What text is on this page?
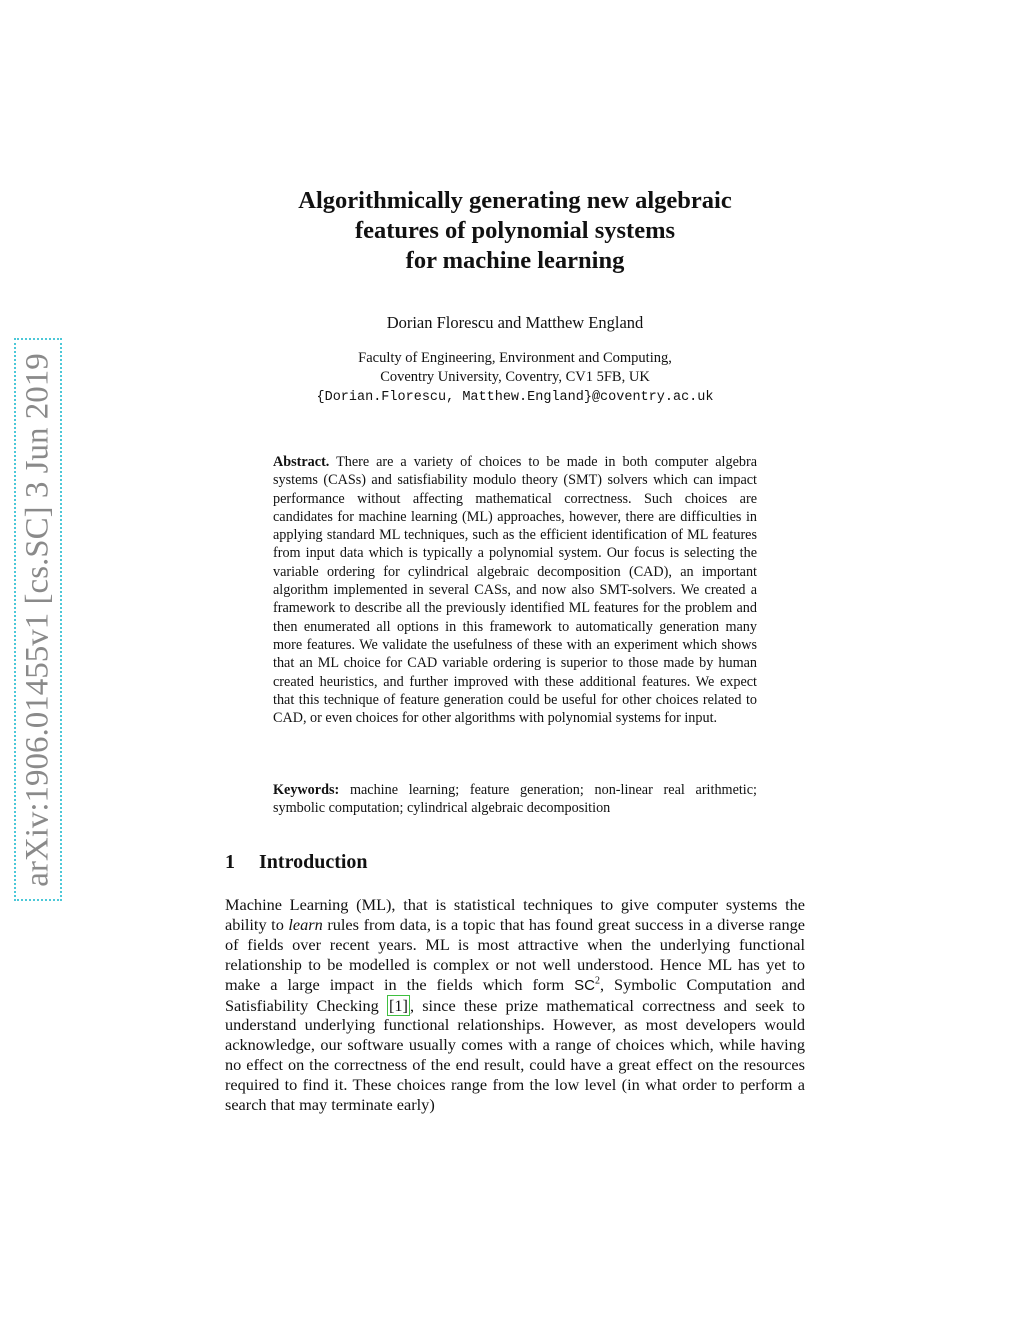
arXiv:1906.01455v1 [cs.SC] 3 Jun 2019
Algorithmically generating new algebraic
features of polynomial systems
for machine learning
Dorian Florescu and Matthew England
Faculty of Engineering, Environment and Computing,
Coventry University, Coventry, CV1 5FB, UK
{Dorian.Florescu, Matthew.England}@coventry.ac.uk
Abstract. There are a variety of choices to be made in both computer algebra systems (CASs) and satisfiability modulo theory (SMT) solvers which can impact performance without affecting mathematical correctness. Such choices are candidates for machine learning (ML) approaches, however, there are difficulties in applying standard ML techniques, such as the efficient identification of ML features from input data which is typically a polynomial system. Our focus is selecting the variable ordering for cylindrical algebraic decomposition (CAD), an important algorithm implemented in several CASs, and now also SMT-solvers. We created a framework to describe all the previously identified ML features for the problem and then enumerated all options in this framework to automatically generation many more features. We validate the usefulness of these with an experiment which shows that an ML choice for CAD variable ordering is superior to those made by human created heuristics, and further improved with these additional features. We expect that this technique of feature generation could be useful for other choices related to CAD, or even choices for other algorithms with polynomial systems for input.
Keywords: machine learning; feature generation; non-linear real arithmetic; symbolic computation; cylindrical algebraic decomposition
1 Introduction
Machine Learning (ML), that is statistical techniques to give computer systems the ability to learn rules from data, is a topic that has found great success in a diverse range of fields over recent years. ML is most attractive when the underlying functional relationship to be modelled is complex or not well understood. Hence ML has yet to make a large impact in the fields which form $SC^2$, Symbolic Computation and Satisfiability Checking [1] , since these prize mathematical correctness and seek to understand underlying functional relationships. However, as most developers would acknowledge, our software usually comes with a range of choices which, while having no effect on the correctness of the end result, could have a great effect on the resources required to find it. These choices range from the low level (in what order to perform a search that may terminate early)
